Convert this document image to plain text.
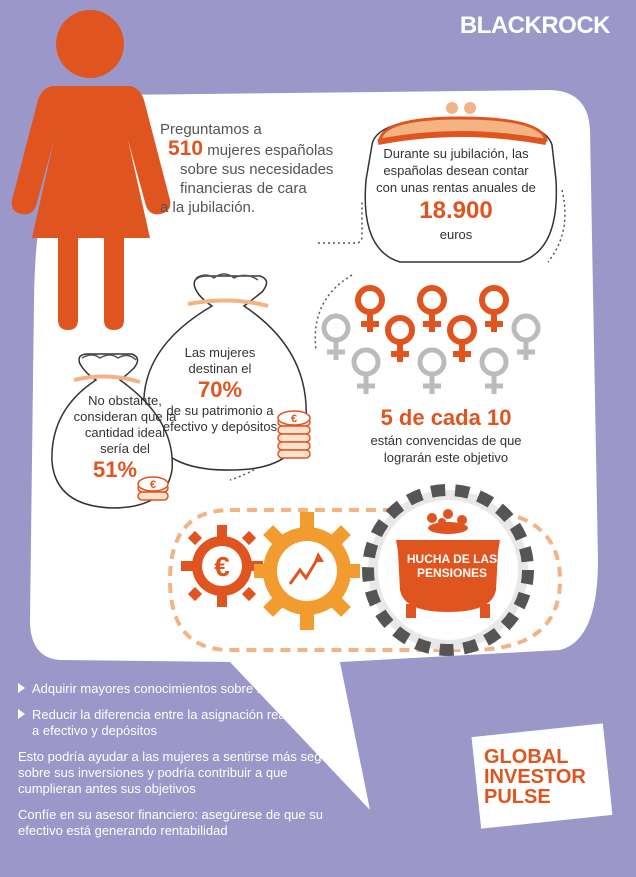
€
€
€
BLACKROCK
Preguntamos a
510 mujeres españolas
sobre sus necesidades
financieras de cara
a la jubilación.
Durante su jubilación, las españolas desean contar con unas rentas anuales de
18.900
euros
Las mujeres destinan el
70%
de su patrimonio a efectivo y depósitos
No obstante, consideran que la cantidad ideal sería del
51%
5 de cada 10
están convencidas de que lograrán este objetivo
HUCHA DE LAS PENSIONES
Adquirir mayores conocimientos sobre inversiones
Reducir la diferencia entre la asignación real y la ideal a efectivo y depósitos

Esto podría ayudar a las mujeres a sentirse más seguras sobre sus inversiones y podría contribuir a que cumplieran antes sus objetivos

Confíe en su asesor financiero: asegúrese de que su efectivo está generando rentabilidad

GLOBAL
INVESTOR
PULSE
